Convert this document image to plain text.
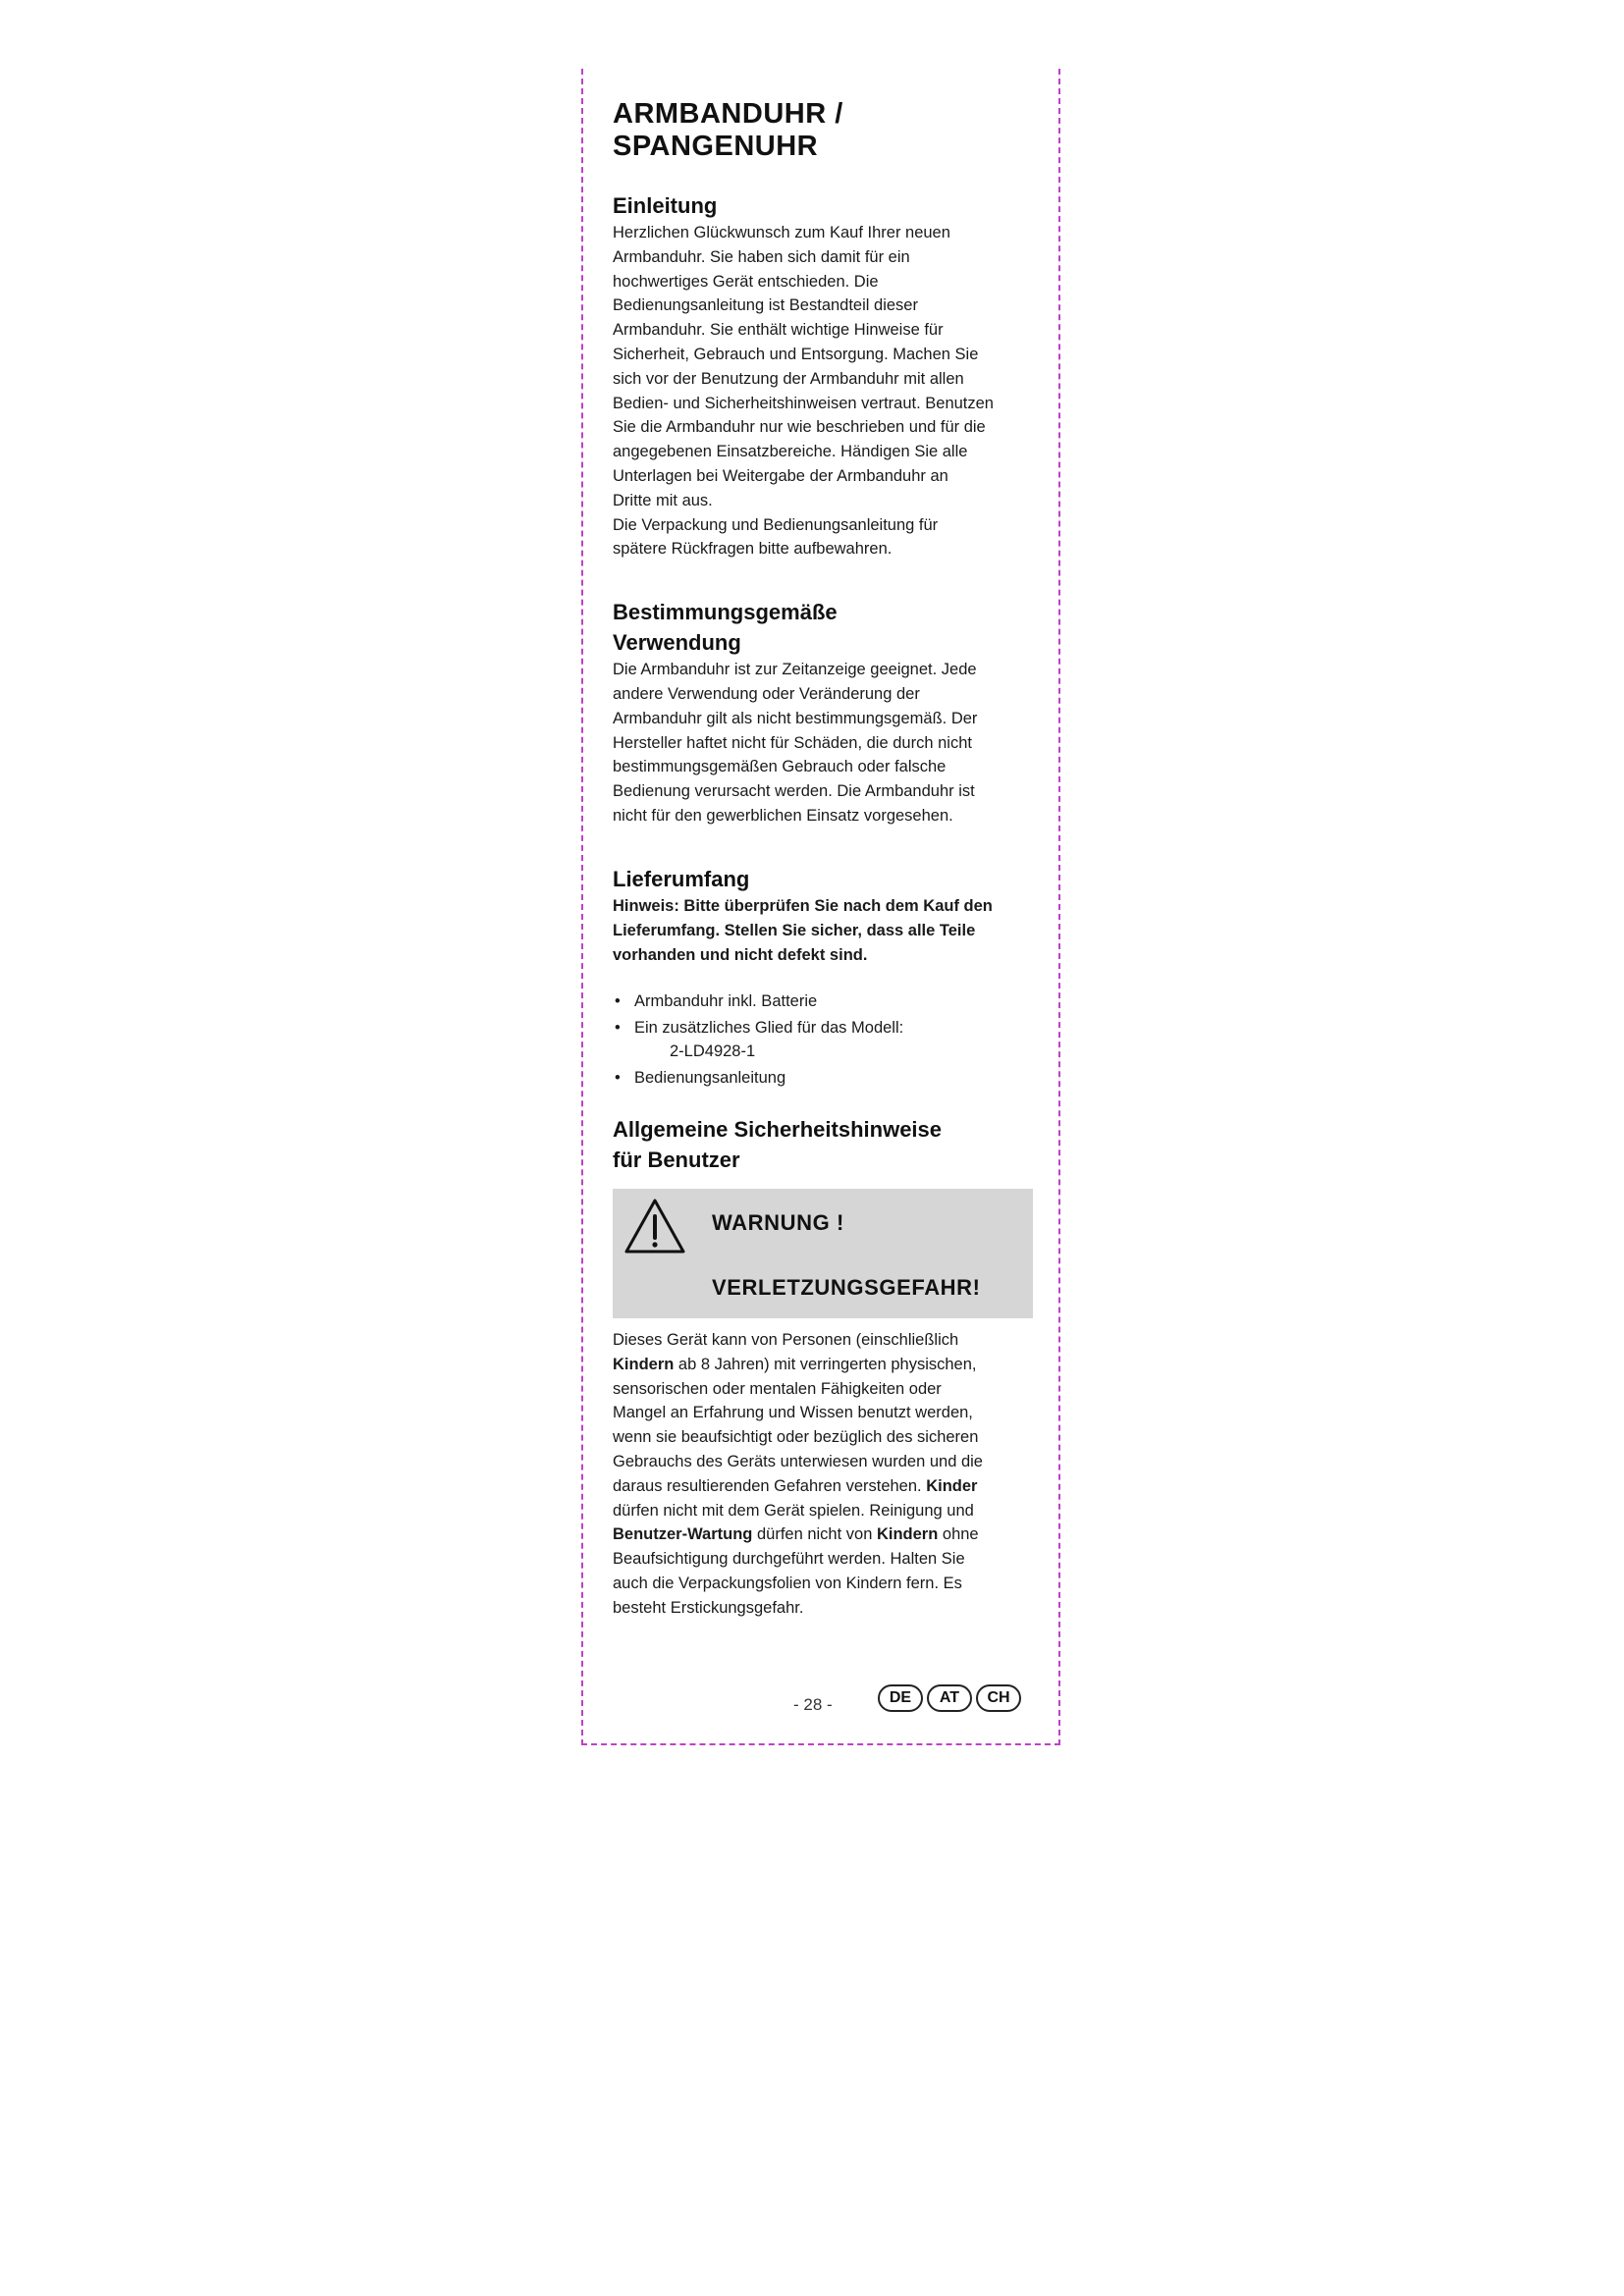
ARMBANDUHR /
SPANGENUHR
Einleitung

Herzlichen Glückwunsch zum Kauf Ihrer neuen
Armbanduhr. Sie haben sich damit für ein
hochwertiges Gerät entschieden. Die
Bedienungsanleitung ist Bestandteil dieser
Armbanduhr. Sie enthält wichtige Hinweise für
Sicherheit, Gebrauch und Entsorgung. Machen Sie
sich vor der Benutzung der Armbanduhr mit allen
Bedien- und Sicherheitshinweisen vertraut. Benutzen
Sie die Armbanduhr nur wie beschrieben und für die
angegebenen Einsatzbereiche. Händigen Sie alle
Unterlagen bei Weitergabe der Armbanduhr an
Dritte mit aus.

Die Verpackung und Bedienungsanleitung für
spätere Rückfragen bitte aufbewahren.

Bestimmungsgemäße
Verwendung

Die Armbanduhr ist zur Zeitanzeige geeignet. Jede
andere Verwendung oder Veränderung der
Armbanduhr gilt als nicht bestimmungsgemäß. Der
Hersteller haftet nicht für Schäden, die durch nicht
bestimmungsgemäßen Gebrauch oder falsche
Bedienung verursacht werden. Die Armbanduhr ist
nicht für den gewerblichen Einsatz vorgesehen.

Lieferumfang

Hinweis: Bitte überprüfen Sie nach dem Kauf den
Lieferumfang. Stellen Sie sicher, dass alle Teile
vorhanden und nicht defekt sind.

• Armbanduhr inkl. Batterie
• Ein zusätzliches Glied für das Modell:
2-LD4928-1
• Bedienungsanleitung
Allgemeine Sicherheitshinweise
für Benutzer
WARNUNG !
VERLETZUNGSGEFAHR!

Dieses Gerät kann von Personen (einschließlich
Kindern ab 8 Jahren) mit verringerten physischen,
sensorischen oder mentalen Fähigkeiten oder
Mangel an Erfahrung und Wissen benutzt werden,
wenn sie beaufsichtigt oder bezüglich des sicheren
Gebrauchs des Geräts unterwiesen wurden und die
daraus resultierenden Gefahren verstehen. Kinder
dürfen nicht mit dem Gerät spielen. Reinigung und
Benutzer-Wartung dürfen nicht von Kindern ohne
Beaufsichtigung durchgeführt werden. Halten Sie
auch die Verpackungsfolien von Kindern fern. Es
besteht Erstickungsgefahr.

- 28 -	DE	AT	CH
